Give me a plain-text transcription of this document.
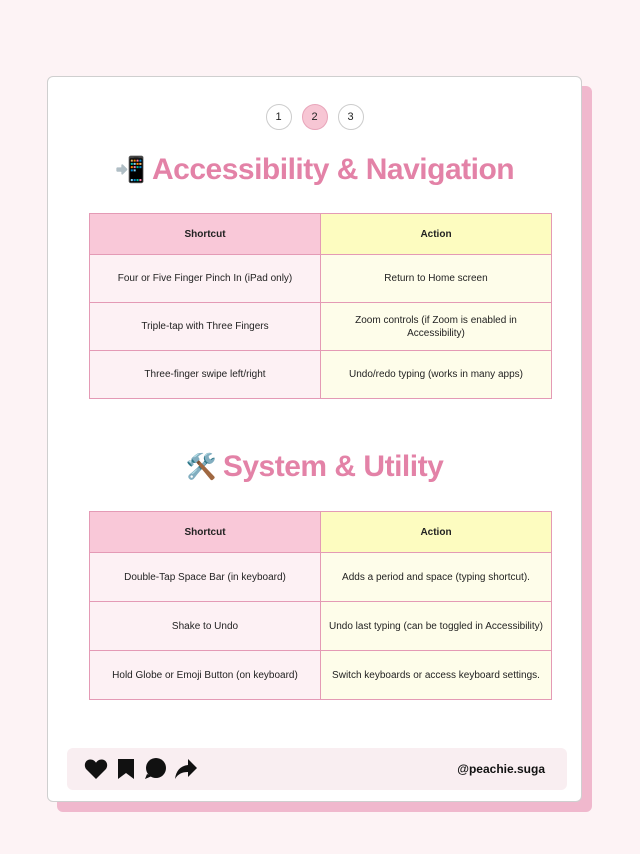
1	2	3
📲 Accessibility & Navigation
Shortcut	Action
Four or Five Finger Pinch In (iPad only)	Return to Home screen
Triple-tap with Three Fingers	Zoom controls (if Zoom is enabled in Accessibility)
Three-finger swipe left/right	Undo/redo typing (works in many apps)
🛠️ System & Utility
Shortcut	Action
Double-Tap Space Bar (in keyboard)	Adds a period and space (typing shortcut).
Shake to Undo	Undo last typing (can be toggled in Accessibility)
Hold Globe or Emoji Button (on keyboard)	Switch keyboards or access keyboard settings.
@peachie.suga
